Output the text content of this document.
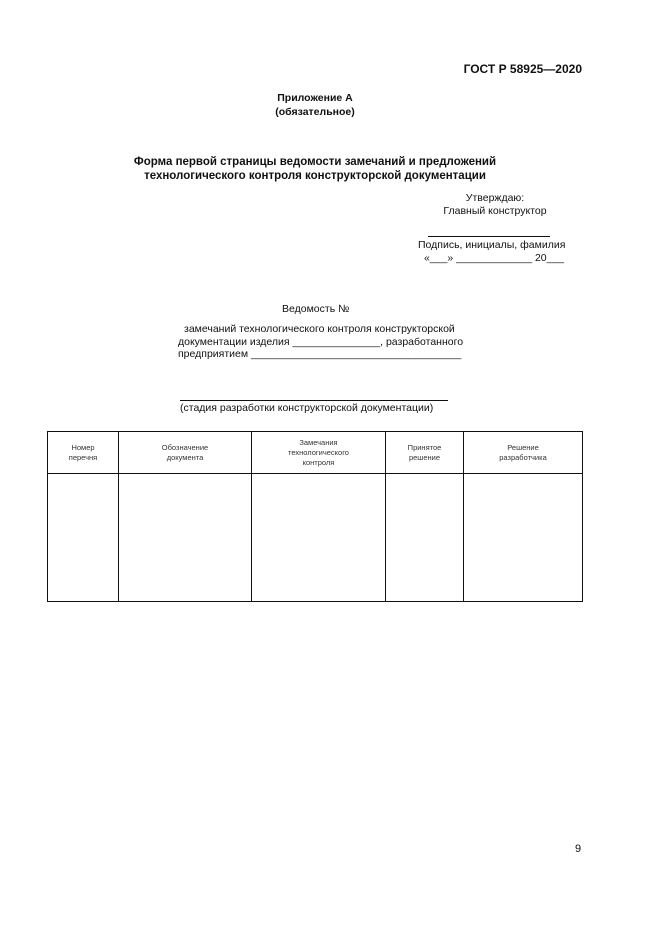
ГОСТ Р 58925—2020
Приложение А
(обязательное)
Форма первой страницы ведомости замечаний и предложений
технологического контроля конструкторской документации
Утверждаю:
Главный конструктор
Подпись, инициалы, фамилия
«___» _____________ 20___
Ведомость №
замечаний технологического контроля конструкторской
документации изделия _______________, разработанного
предприятием ____________________________________
(стадия разработки конструкторской документации)
Номер перечня	Обозначение документа	Замечания технологического контроля	Принятое решение	Решение разработчика

9
